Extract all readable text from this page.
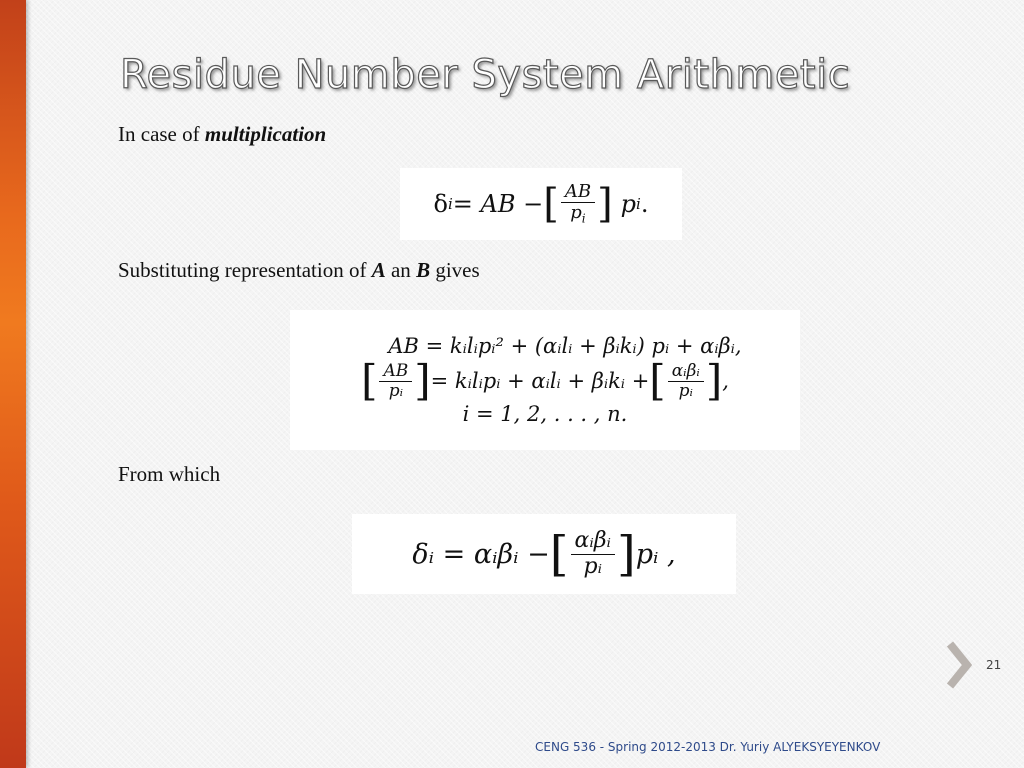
Residue Number System Arithmetic
In case of multiplication
δ i = AB − [ $\frac{AB}{p_i}$ ] p i .
Substituting representation of A an B gives
AB = kᵢlᵢpᵢ² + (αᵢlᵢ + βᵢkᵢ) pᵢ + αᵢβᵢ,
[ $\frac{AB}{\text{pᵢ}}$ ] = kᵢlᵢpᵢ + αᵢlᵢ + βᵢkᵢ + [ $\frac{\text{αᵢβᵢ}}{\text{pᵢ}}$ ] ,
i = 1, 2, . . . , n.
From which
δᵢ = αᵢβᵢ − [ $\frac{\text{αᵢβᵢ}}{\text{pᵢ}}$ ] pᵢ ,
21
CENG 536 - Spring 2012-2013 Dr. Yuriy ALYEKSYEYENKOV
